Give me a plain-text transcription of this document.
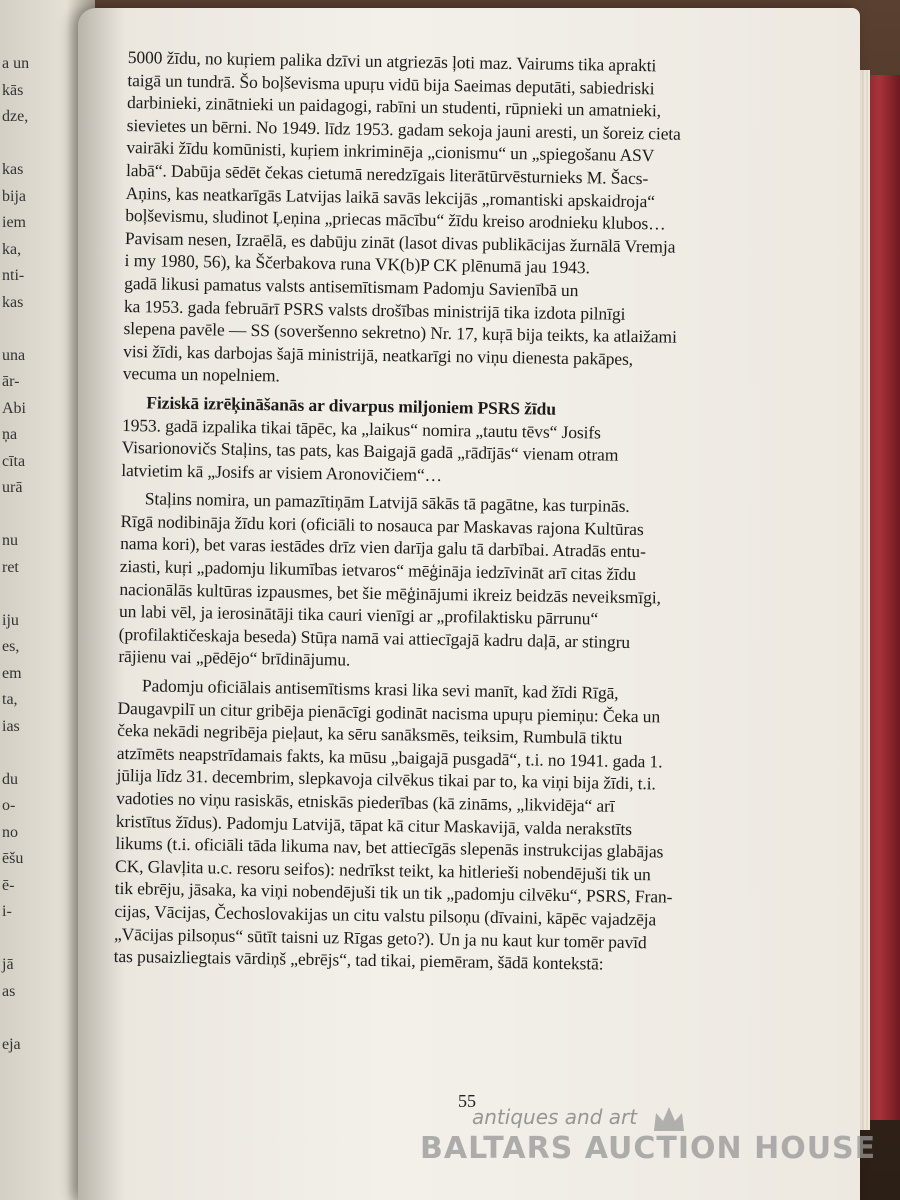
a un
kās
dze,
kas
bija
iem
ka,
nti-
kas
una
ār-
Abi
ņa
cīta
urā
nu
ret
iju
es,
em
ta,
ias
du
o-
no
ēšu
ē-
i-
jā
as
eja
5000 žīdu, no kuŗiem palika dzīvi un atgriezās ļoti maz. Vairums tika aprakti
taigā un tundrā. Šo boļševisma upuŗu vidū bija Saeimas deputāti, sabiedriski
darbinieki, zinātnieki un paidagogi, rabīni un studenti, rūpnieki un amatnieki,
sievietes un bērni. No 1949. līdz 1953. gadam sekoja jauni aresti, un šoreiz cieta
vairāki žīdu komūnisti, kuŗiem inkriminēja „cionismu“ un „spiegošanu ASV
labā“. Dabūja sēdēt čekas cietumā neredzīgais literātūrvēsturnieks M. Šacs-
Aņins, kas neatkarīgās Latvijas laikā savās lekcijās „romantiski apskaidroja“
boļševismu, sludinot Ļeņina „priecas mācību“ žīdu kreiso arodnieku klubos…
Pavisam nesen, Izraēlā, es dabūju zināt (lasot divas publikācijas žurnālā Vremja
i my 1980, 56), ka Ščerbakova runa VK(b)P CK plēnumā jau 1943.
gadā likusi pamatus valsts antisemītismam Padomju Savienībā un
ka 1953. gada februārī PSRS valsts drošības ministrijā tika izdota pilnīgi
slepena pavēle — SS (soveršenno sekretno) Nr. 17, kuŗā bija teikts, ka atlaižami
visi žīdi, kas darbojas šajā ministrijā, neatkarīgi no viņu dienesta pakāpes,
vecuma un nopelniem.
Fiziskā izrēķināšanās ar divarpus miljoniem PSRS žīdu
1953. gadā izpalika tikai tāpēc, ka „laikus“ nomira „tautu tēvs“ Josifs
Visarionovičs Staļins, tas pats, kas Baigajā gadā „rādījās“ vienam otram
latvietim kā „Josifs ar visiem Aronovičiem“…
Staļins nomira, un pamazītiņām Latvijā sākās tā pagātne, kas turpinās.
Rīgā nodibināja žīdu kori (oficiāli to nosauca par Maskavas rajona Kultūras
nama kori), bet varas iestādes drīz vien darīja galu tā darbībai. Atradās entu-
ziasti, kuŗi „padomju likumības ietvaros“ mēģināja iedzīvināt arī citas žīdu
nacionālās kultūras izpausmes, bet šie mēģinājumi ikreiz beidzās neveiksmīgi,
un labi vēl, ja ierosinātāji tika cauri vienīgi ar „profilaktisku pārrunu“
(profilaktičeskaja beseda) Stūŗa namā vai attiecīgajā kadru daļā, ar stingru
rājienu vai „pēdējo“ brīdinājumu.
Padomju oficiālais antisemītisms krasi lika sevi manīt, kad žīdi Rīgā,
Daugavpilī un citur gribēja pienācīgi godināt nacisma upuŗu piemiņu: Čeka un
čeka nekādi negribēja pieļaut, ka sēru sanāksmēs, teiksim, Rumbulā tiktu
atzīmēts neapstrīdamais fakts, ka mūsu „baigajā pusgadā“, t.i. no 1941. gada 1.
jūlija līdz 31. decembrim, slepkavoja cilvēkus tikai par to, ka viņi bija žīdi, t.i.
vadoties no viņu rasiskās, etniskās piederības (kā zināms, „likvidēja“ arī
kristītus žīdus). Padomju Latvijā, tāpat kā citur Maskavijā, valda nerakstīts
likums (t.i. oficiāli tāda likuma nav, bet attiecīgās slepenās instrukcijas glabājas
CK, Glavļita u.c. resoru seifos): nedrīkst teikt, ka hitlerieši nobendējuši tik un
tik ebrēju, jāsaka, ka viņi nobendējuši tik un tik „padomju cilvēku“, PSRS, Fran-
cijas, Vācijas, Čechoslovakijas un citu valstu pilsoņu (dīvaini, kāpēc vajadzēja
„Vācijas pilsoņus“ sūtīt taisni uz Rīgas geto?). Un ja nu kaut kur tomēr pavīd
tas pusaizliegtais vārdiņš „ebrējs“, tad tikai, piemēram, šādā kontekstā:
55
antiques and art
BALTARS AUCTION HOUSE
